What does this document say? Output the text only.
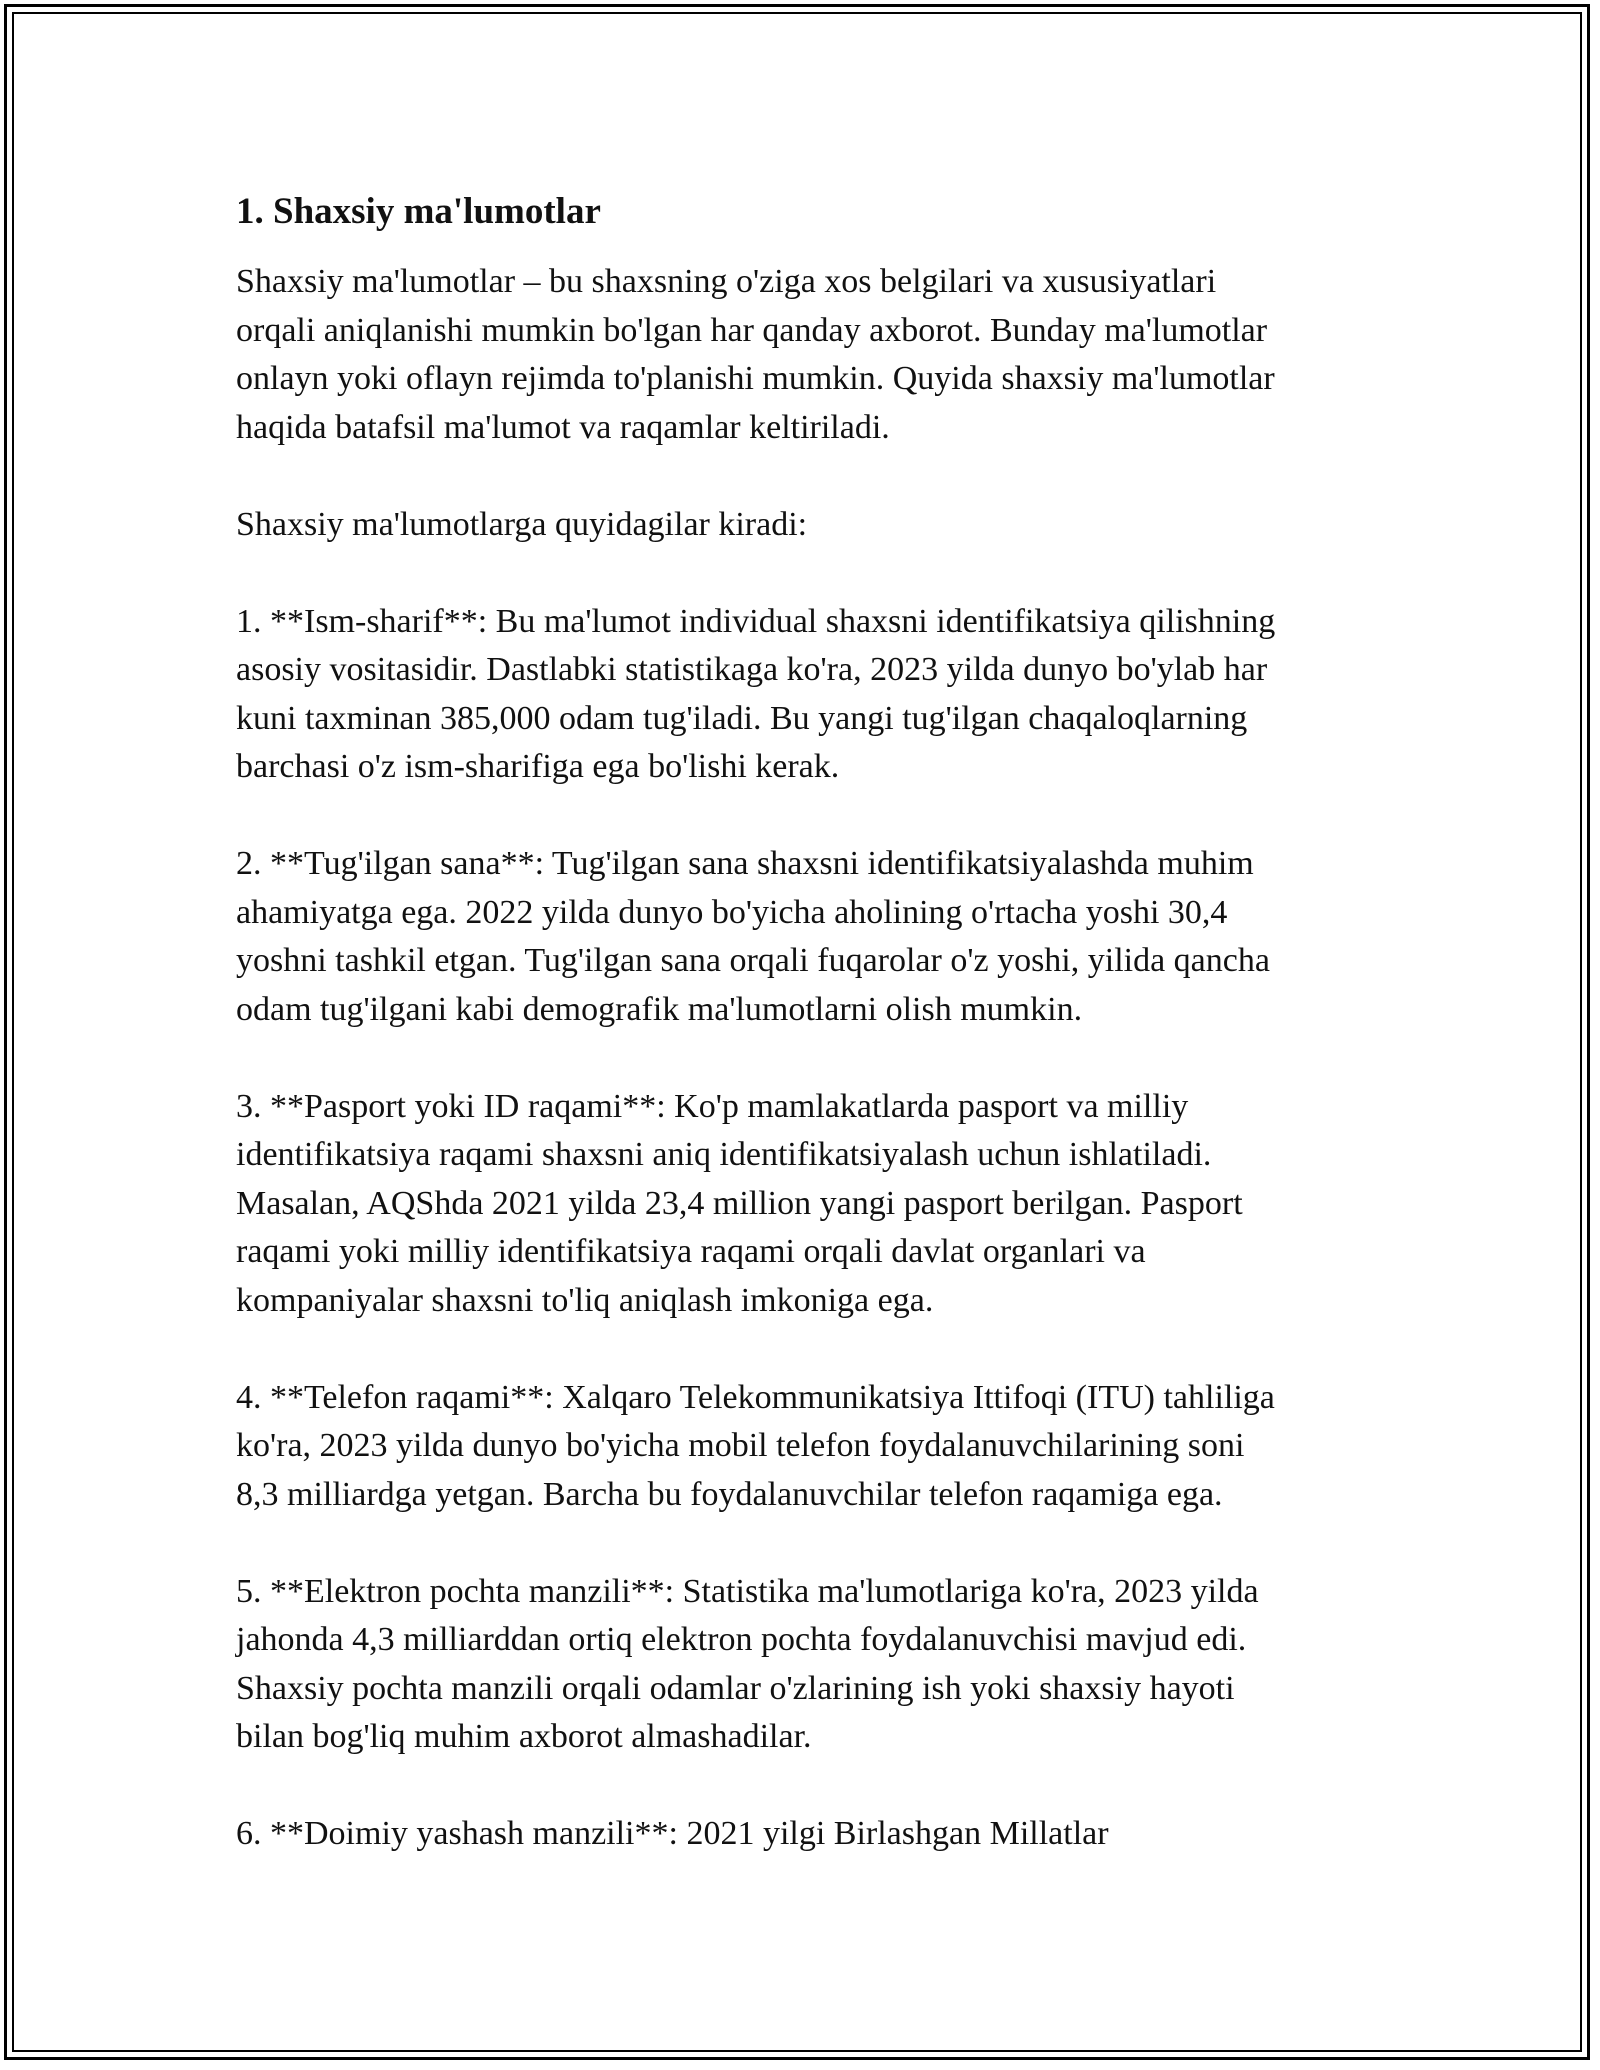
1. Shaxsiy ma'lumotlar

Shaxsiy ma'lumotlar – bu shaxsning o'ziga xos belgilari va xususiyatlari
orqali aniqlanishi mumkin bo'lgan har qanday axborot. Bunday ma'lumotlar
onlayn yoki oflayn rejimda to'planishi mumkin. Quyida shaxsiy ma'lumotlar
haqida batafsil ma'lumot va raqamlar keltiriladi.

Shaxsiy ma'lumotlarga quyidagilar kiradi:

1. **Ism-sharif**: Bu ma'lumot individual shaxsni identifikatsiya qilishning
asosiy vositasidir. Dastlabki statistikaga ko'ra, 2023 yilda dunyo bo'ylab har
kuni taxminan 385,000 odam tug'iladi. Bu yangi tug'ilgan chaqaloqlarning
barchasi o'z ism-sharifiga ega bo'lishi kerak.

2. **Tug'ilgan sana**: Tug'ilgan sana shaxsni identifikatsiyalashda muhim
ahamiyatga ega. 2022 yilda dunyo bo'yicha aholining o'rtacha yoshi 30,4
yoshni tashkil etgan. Tug'ilgan sana orqali fuqarolar o'z yoshi, yilida qancha
odam tug'ilgani kabi demografik ma'lumotlarni olish mumkin.

3. **Pasport yoki ID raqami**: Ko'p mamlakatlarda pasport va milliy
identifikatsiya raqami shaxsni aniq identifikatsiyalash uchun ishlatiladi.
Masalan, AQShda 2021 yilda 23,4 million yangi pasport berilgan. Pasport
raqami yoki milliy identifikatsiya raqami orqali davlat organlari va
kompaniyalar shaxsni to'liq aniqlash imkoniga ega.

4. **Telefon raqami**: Xalqaro Telekommunikatsiya Ittifoqi (ITU) tahliliga
ko'ra, 2023 yilda dunyo bo'yicha mobil telefon foydalanuvchilarining soni
8,3 milliardga yetgan. Barcha bu foydalanuvchilar telefon raqamiga ega.

5. **Elektron pochta manzili**: Statistika ma'lumotlariga ko'ra, 2023 yilda
jahonda 4,3 milliarddan ortiq elektron pochta foydalanuvchisi mavjud edi.
Shaxsiy pochta manzili orqali odamlar o'zlarining ish yoki shaxsiy hayoti
bilan bog'liq muhim axborot almashadilar.

6. **Doimiy yashash manzili**: 2021 yilgi Birlashgan Millatlar
